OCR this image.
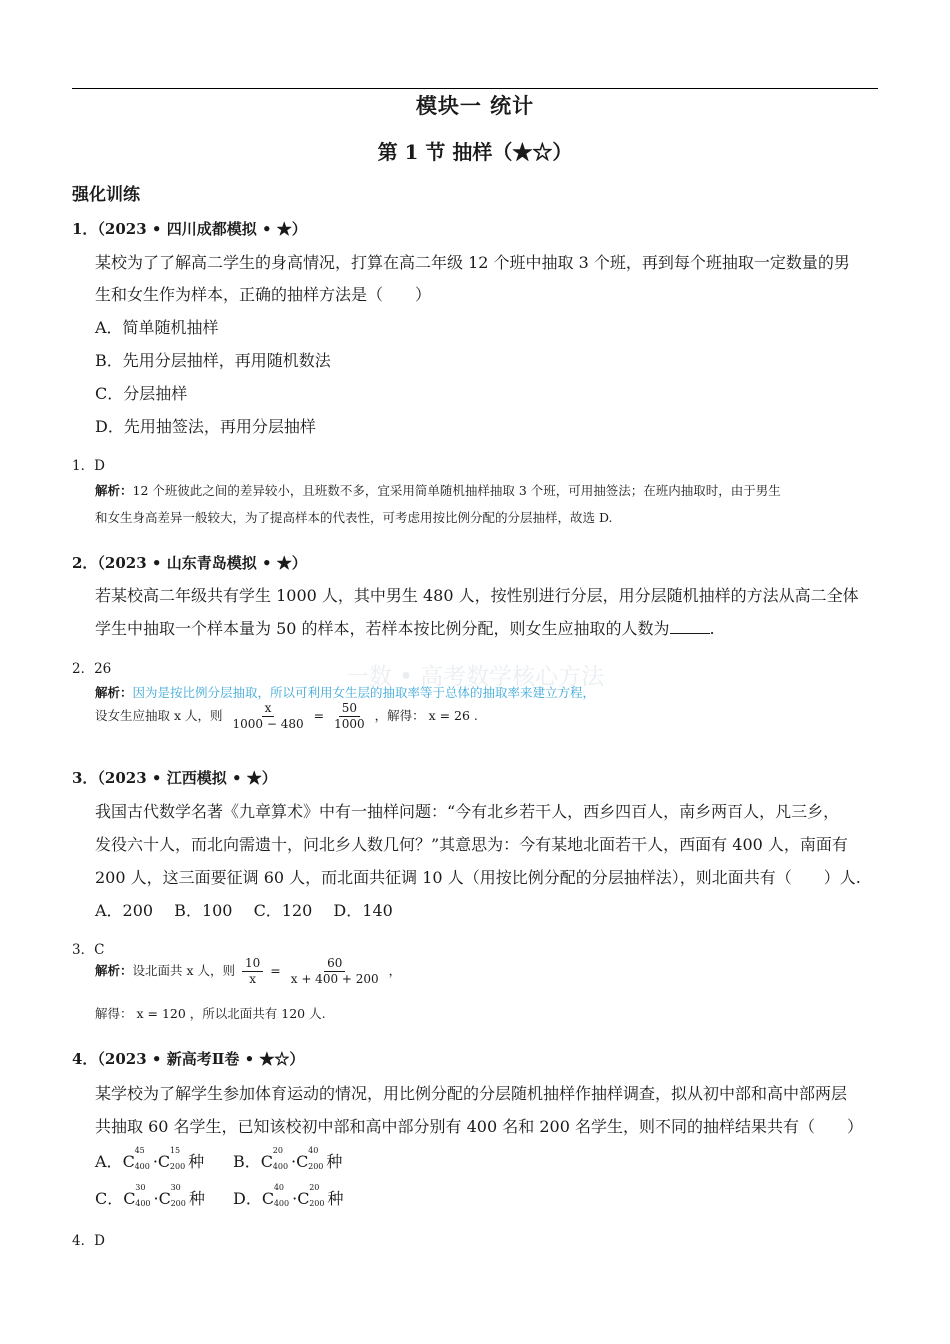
模块一 统计
第 1 节 抽样（★☆）
强化训练
1．（2023 • 四川成都模拟 • ★）
某校为了了解高二学生的身高情况，打算在高二年级 12 个班中抽取 3 个班，再到每个班抽取一定数量的男
生和女生作为样本，正确的抽样方法是（　　）
A．简单随机抽样
B．先用分层抽样，再用随机数法
C．分层抽样
D．先用抽签法，再用分层抽样
1．D
解析：12 个班彼此之间的差异较小，且班数不多，宜采用简单随机抽样抽取 3 个班，可用抽签法；在班内抽取时，由于男生
和女生身高差异一般较大，为了提高样本的代表性，可考虑用按比例分配的分层抽样，故选 D.
2．（2023 • 山东青岛模拟 • ★）
若某校高二年级共有学生 1000 人，其中男生 480 人，按性别进行分层，用分层随机抽样的方法从高二全体
学生中抽取一个样本量为 50 的样本，若样本按比例分配，则女生应抽取的人数为	.
2．26	一数 • 高考数学核心方法
解析：因为是按比例分层抽取，所以可利用女生层的抽取率等于总体的抽取率来建立方程，
设女生应抽取 x 人，则 $\frac{x}{1000 - 480} = \frac{50}{1000}$ ，解得： x = 26 .
3．（2023 • 江西模拟 • ★）
我国古代数学名著《九章算术》中有一抽样问题：“今有北乡若干人，西乡四百人，南乡两百人，凡三乡，
发役六十人，而北向需遗十，问北乡人数几何？”其意思为：今有某地北面若干人，西面有 400 人，南面有
200 人，这三面要征调 60 人，而北面共征调 10 人（用按比例分配的分层抽样法），则北面共有（　　）人.
A．200　 B．100　 C．120　 D．140
3．C
解析：设北面共 x 人，则 $\frac{10}{x} = \frac{60}{x + 400 + 200}$ ，
解得： x = 120 ，所以北面共有 120 人.
4．（2023 • 新高考Ⅱ卷 • ★☆）
某学校为了解学生参加体育运动的情况，用比例分配的分层随机抽样作抽样调查，拟从初中部和高中部两层
共抽取 60 名学生，已知该校初中部和高中部分别有 400 名和 200 名学生，则不同的抽样结果共有（　　）
A．C
45
400 ·C
15
200 种 B．C
20
400 ·C
40
200 种
C．C
30
400 ·C
30
200 种 D．C
40
400 ·C
20
200 种
4．D
